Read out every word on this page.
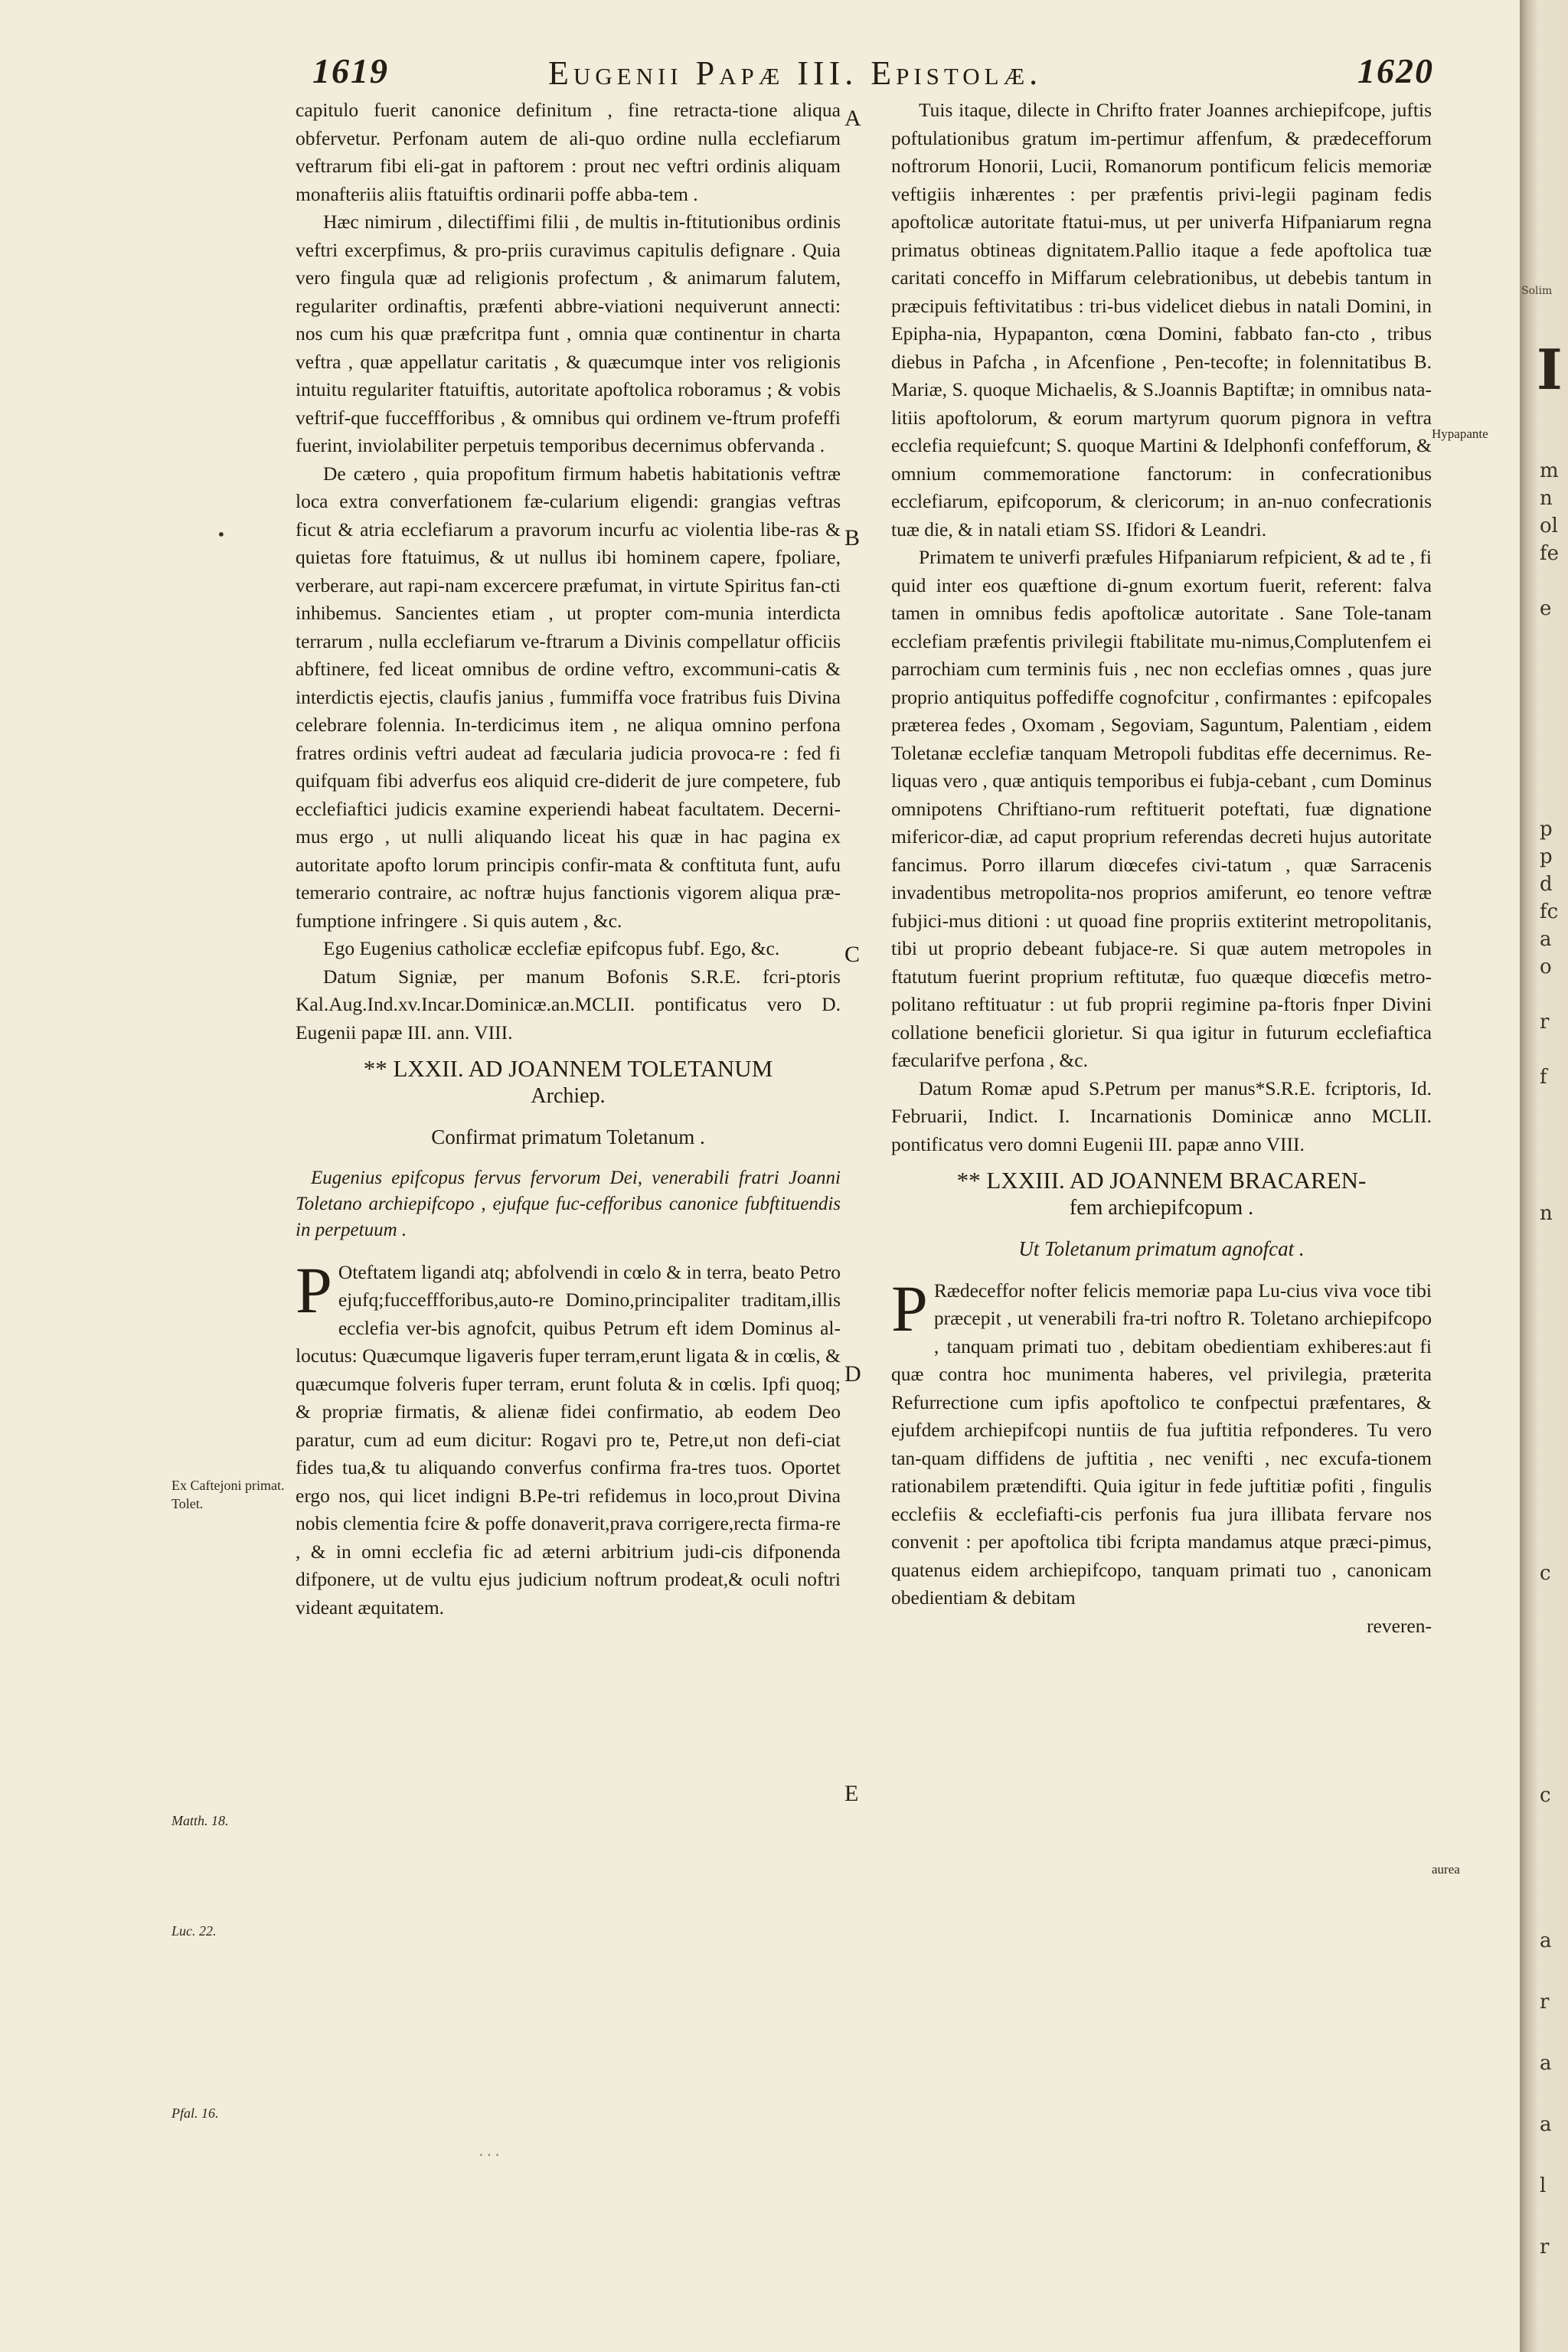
1619	Eugenii Papæ III. Epistolæ.	1620

capitulo fuerit canonice definitum , fine retracta-tione aliqua obfervetur. Perfonam autem de ali-quo ordine nulla ecclefiarum veftrarum fibi eli-gat in paftorem : prout nec veftri ordinis aliquam monafteriis aliis ftatuiftis ordinarii poffe abba-tem .

Hæc nimirum , dilectiffimi filii , de multis in-ftitutionibus ordinis veftri excerpfimus, & pro-priis curavimus capitulis defignare . Quia vero fingula quæ ad religionis profectum , & animarum falutem, regulariter ordinaftis, præfenti abbre-viationi nequiverunt annecti: nos cum his quæ præfcritpa funt , omnia quæ continentur in charta veftra , quæ appellatur caritatis , & quæcumque inter vos religionis intuitu regulariter ftatuiftis, autoritate apoftolica roboramus ; & vobis veftrif-que fucceffforibus , & omnibus qui ordinem ve-ftrum profeffi fuerint, inviolabiliter perpetuis temporibus decernimus obfervanda .

De cætero , quia propofitum firmum habetis habitationis veftræ loca extra converfationem fæ-cularium eligendi: grangias veftras ficut & atria ecclefiarum a pravorum incurfu ac violentia libe-ras & quietas fore ftatuimus, & ut nullus ibi hominem capere, fpoliare, verberare, aut rapi-nam excercere præfumat, in virtute Spiritus fan-cti inhibemus. Sancientes etiam , ut propter com-munia interdicta terrarum , nulla ecclefiarum ve-ftrarum a Divinis compellatur officiis abftinere, fed liceat omnibus de ordine veftro, excommuni-catis & interdictis ejectis, claufis janius , fummiffa voce fratribus fuis Divina celebrare folennia. In-terdicimus item , ne aliqua omnino perfona fratres ordinis veftri audeat ad fæcularia judicia provoca-re : fed fi quifquam fibi adverfus eos aliquid cre-diderit de jure competere, fub ecclefiaftici judicis examine experiendi habeat facultatem. Decerni-mus ergo , ut nulli aliquando liceat his quæ in hac pagina ex autoritate apofto lorum principis confir-mata & conftituta funt, aufu temerario contraire, ac noftræ hujus fanctionis vigorem aliqua præ-fumptione infringere . Si quis autem , &c.

Ego Eugenius catholicæ ecclefiæ epifcopus fubf. Ego, &c.

Datum Signiæ, per manum Bofonis S.R.E. fcri-ptoris Kal.Aug.Ind.xv.Incar.Dominicæ.an.MCLII. pontificatus vero D. Eugenii papæ III. ann. VIII.

** LXXII. AD JOANNEM TOLETANUM
Archiep.
Confirmat primatum Toletanum .

Eugenius epifcopus fervus fervorum Dei, venerabili fratri Joanni Toletano archiepifcopo , ejufque fuc-cefforibus canonice fubftituendis in perpetuum .

P Oteftatem ligandi atq; abfolvendi in cœlo & in terra, beato Petro ejufq;fucceffforibus,auto-re Domino,principaliter traditam,illis ecclefia ver-bis agnofcit, quibus Petrum eft idem Dominus al-locutus: Quæcumque ligaveris fuper terram,erunt ligata & in cœlis, & quæcumque folveris fuper terram, erunt foluta & in cœlis. Ipfi quoq; & propriæ firmatis, & alienæ fidei confirmatio, ab eodem Deo paratur, cum ad eum dicitur: Rogavi pro te, Petre,ut non defi-ciat fides tua,& tu aliquando converfus confirma fra-tres tuos. Oportet ergo nos, qui licet indigni B.Pe-tri refidemus in loco,prout Divina nobis clementia fcire & poffe donaverit,prava corrigere,recta firma-re , & in omni ecclefia fic ad æterni arbitrium judi-cis difponenda difponere, ut de vultu ejus judicium noftrum prodeat,& oculi noftri videant æquitatem.

Tuis itaque, dilecte in Chrifto frater Joannes archiepifcope, juftis poftulationibus gratum im-pertimur affenfum, & prædecefforum noftrorum Honorii, Lucii, Romanorum pontificum felicis memoriæ veftigiis inhærentes : per præfentis privi-legii paginam fedis apoftolicæ autoritate ftatui-mus, ut per univerfa Hifpaniarum regna primatus obtineas dignitatem.Pallio itaque a fede apoftolica tuæ caritati conceffo in Miffarum celebrationibus, ut debebis tantum in præcipuis feftivitatibus : tri-bus videlicet diebus in natali Domini, in Epipha-nia, Hypapanton, cœna Domini, fabbato fan-cto , tribus diebus in Pafcha , in Afcenfione , Pen-tecofte; in folennitatibus B. Mariæ, S. quoque Michaelis, & S.Joannis Baptiftæ; in omnibus nata-litiis apoftolorum, & eorum martyrum quorum pignora in veftra ecclefia requiefcunt; S. quoque Martini & Idelphonfi confefforum, & omnium commemoratione fanctorum: in confecrationibus ecclefiarum, epifcoporum, & clericorum; in an-nuo confecrationis tuæ die, & in natali etiam SS. Ifidori & Leandri.

Primatem te univerfi præfules Hifpaniarum refpicient, & ad te , fi quid inter eos quæftione di-gnum exortum fuerit, referent: falva tamen in omnibus fedis apoftolicæ autoritate . Sane Tole-tanam ecclefiam præfentis privilegii ftabilitate mu-nimus,Complutenfem ei parrochiam cum terminis fuis , nec non ecclefias omnes , quas jure proprio antiquitus poffediffe cognofcitur , confirmantes : epifcopales præterea fedes , Oxomam , Segoviam, Saguntum, Palentiam , eidem Toletanæ ecclefiæ tanquam Metropoli fubditas effe decernimus. Re-liquas vero , quæ antiquis temporibus ei fubja-cebant , cum Dominus omnipotens Chriftiano-rum reftituerit poteftati, fuæ dignatione mifericor-diæ, ad caput proprium referendas decreti hujus autoritate fancimus. Porro illarum diœcefes civi-tatum , quæ Sarracenis invadentibus metropolita-nos proprios amiferunt, eo tenore veftræ fubjici-mus ditioni : ut quoad fine propriis extiterint metropolitanis, tibi ut proprio debeant fubjace-re. Si quæ autem metropoles in ftatutum fuerint proprium reftitutæ, fuo quæque diœcefis metro-politano reftituatur : ut fub proprii regimine pa-ftoris fnper Divini collatione beneficii glorietur. Si qua igitur in futurum ecclefiaftica fæcularifve perfona , &c.

Datum Romæ apud S.Petrum per manus*S.R.E. fcriptoris, Id. Februarii, Indict. I. Incarnationis Dominicæ anno MCLII. pontificatus vero domni Eugenii III. papæ anno VIII.

** LXXIII. AD JOANNEM BRACAREN-
fem archiepifcopum .
Ut Toletanum primatum agnofcat .

P Rædeceffor nofter felicis memoriæ papa Lu-cius viva voce tibi præcepit , ut venerabili fra-tri noftro R. Toletano archiepifcopo , tanquam primati tuo , debitam obedientiam exhiberes:aut fi quæ contra hoc munimenta haberes, vel privilegia, præterita Refurrectione cum ipfis apoftolico te confpectui præfentares, & ejufdem archiepifcopi nuntiis de fua juftitia refponderes. Tu vero tan-quam diffidens de juftitia , nec venifti , nec excufa-tionem rationabilem prætendifti. Quia igitur in fede juftitiæ pofiti , fingulis ecclefiis & ecclefiafti-cis perfonis fua jura illibata fervare nos convenit : per apoftolica tibi fcripta mandamus atque præci-pimus, quatenus eidem archiepifcopo, tanquam primati tuo , canonicam obedientiam & debitam

reveren-
A
B
C
D
E
Ex Caftejoni primat. Tolet.
Matth. 18.
Luc. 22.
Pfal. 16.
Hypapante
aurea
•
⸳ ⸳ ⸳
Solim
I
m
n
ol
fe
e
p
p
d
fc
a
o
r
f
n
c
c
a
r
a
a
l
r
